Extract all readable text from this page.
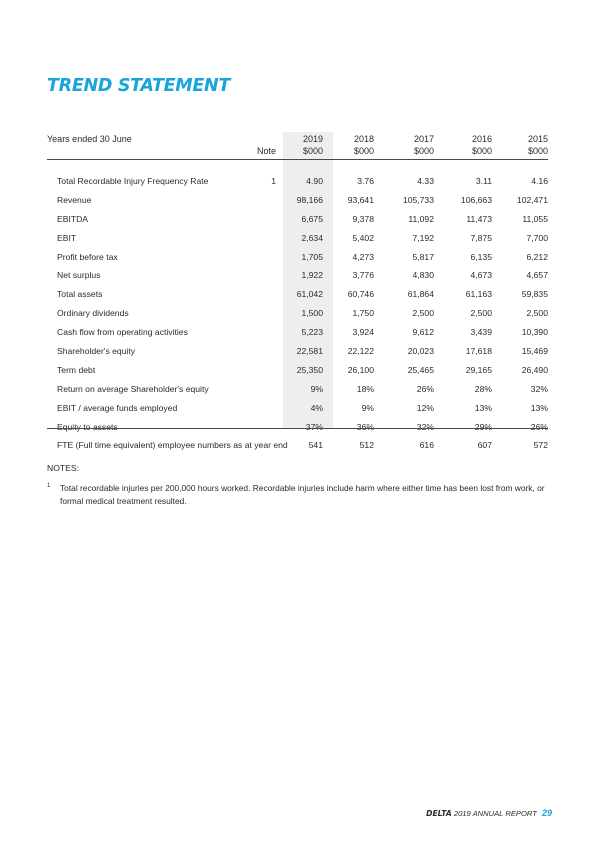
TREND STATEMENT
Years ended 30 June	2019	2018	2017	2016	2015
Note	$000	$000	$000	$000	$000
Total Recordable Injury Frequency Rate	1	4.90	3.76	4.33	3.11	4.16
Revenue	98,166	93,641	105,733	106,663	102,471
EBITDA	6,675	9,378	11,092	11,473	11,055
EBIT	2,634	5,402	7,192	7,875	7,700
Profit before tax	1,705	4,273	5,817	6,135	6,212
Net surplus	1,922	3,776	4,830	4,673	4,657
Total assets	61,042	60,746	61,864	61,163	59,835
Ordinary dividends	1,500	1,750	2,500	2,500	2,500
Cash flow from operating activities	5,223	3,924	9,612	3,439	10,390
Shareholder's equity	22,581	22,122	20,023	17,618	15,469
Term debt	25,350	26,100	25,465	29,165	26,490
Return on average Shareholder's equity	9%	18%	26%	28%	32%
EBIT / average funds employed	4%	9%	12%	13%	13%
Equity to assets	37%	36%	32%	29%	26%
FTE (Full time equivalent) employee numbers as at year end	541	512	616	607	572
NOTES:
1 Total recordable injuries per 200,000 hours worked. Recordable injuries include harm where either time has been lost from work, or formal medical treatment resulted.
DELTA 2019 ANNUAL REPORT 29
